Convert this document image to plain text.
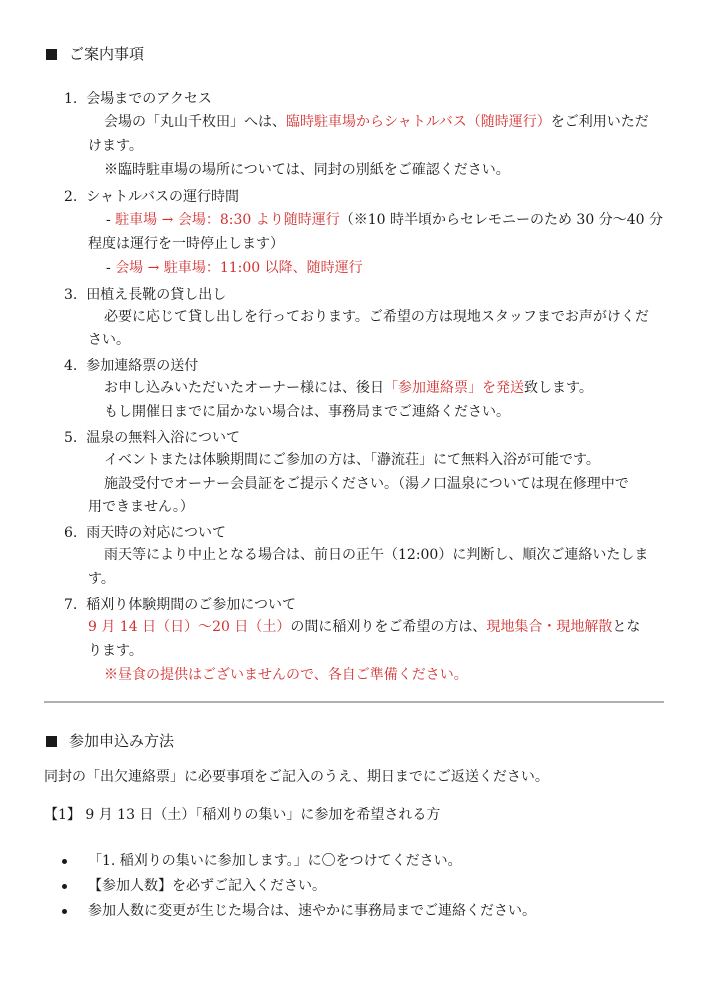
ご案内事項
1. 会場までのアクセス
会場の「丸山千枚田」へは、臨時駐車場からシャトルバス（随時運行）をご利用いただ
けます。
※臨時駐車場の場所については、同封の別紙をご確認ください。
2. シャトルバスの運行時間
- 駐車場 → 会場：8:30 より随時運行（※10 時半頃からセレモニーのため 30 分～40 分
程度は運行を一時停止します）
- 会場 → 駐車場：11:00 以降、随時運行
3. 田植え長靴の貸し出し
必要に応じて貸し出しを行っております。ご希望の方は現地スタッフまでお声がけくだ
さい。
4. 参加連絡票の送付
お申し込みいただいたオーナー様には、後日「参加連絡票」を発送致します。
もし開催日までに届かない場合は、事務局までご連絡ください。
5. 温泉の無料入浴について
イベントまたは体験期間にご参加の方は、「瀞流荘」にて無料入浴が可能です。
施設受付でオーナー会員証をご提示ください。（湯ノ口温泉については現在修理中で
用できません。）
6. 雨天時の対応について
雨天等により中止となる場合は、前日の正午（12:00）に判断し、順次ご連絡いたしま
す。
7. 稲刈り体験期間のご参加について
9 月 14 日（日）～20 日（土）の間に稲刈りをご希望の方は、現地集合・現地解散とな
ります。
※昼食の提供はございませんので、各自ご準備ください。
参加申込み方法
同封の「出欠連絡票」に必要事項をご記入のうえ、期日までにご返送ください。
【1】 9 月 13 日（土）「稲刈りの集い」に参加を希望される方
「1. 稲刈りの集いに参加します。」に〇をつけてください。
【参加人数】を必ずご記入ください。
参加人数に変更が生じた場合は、速やかに事務局までご連絡ください。
